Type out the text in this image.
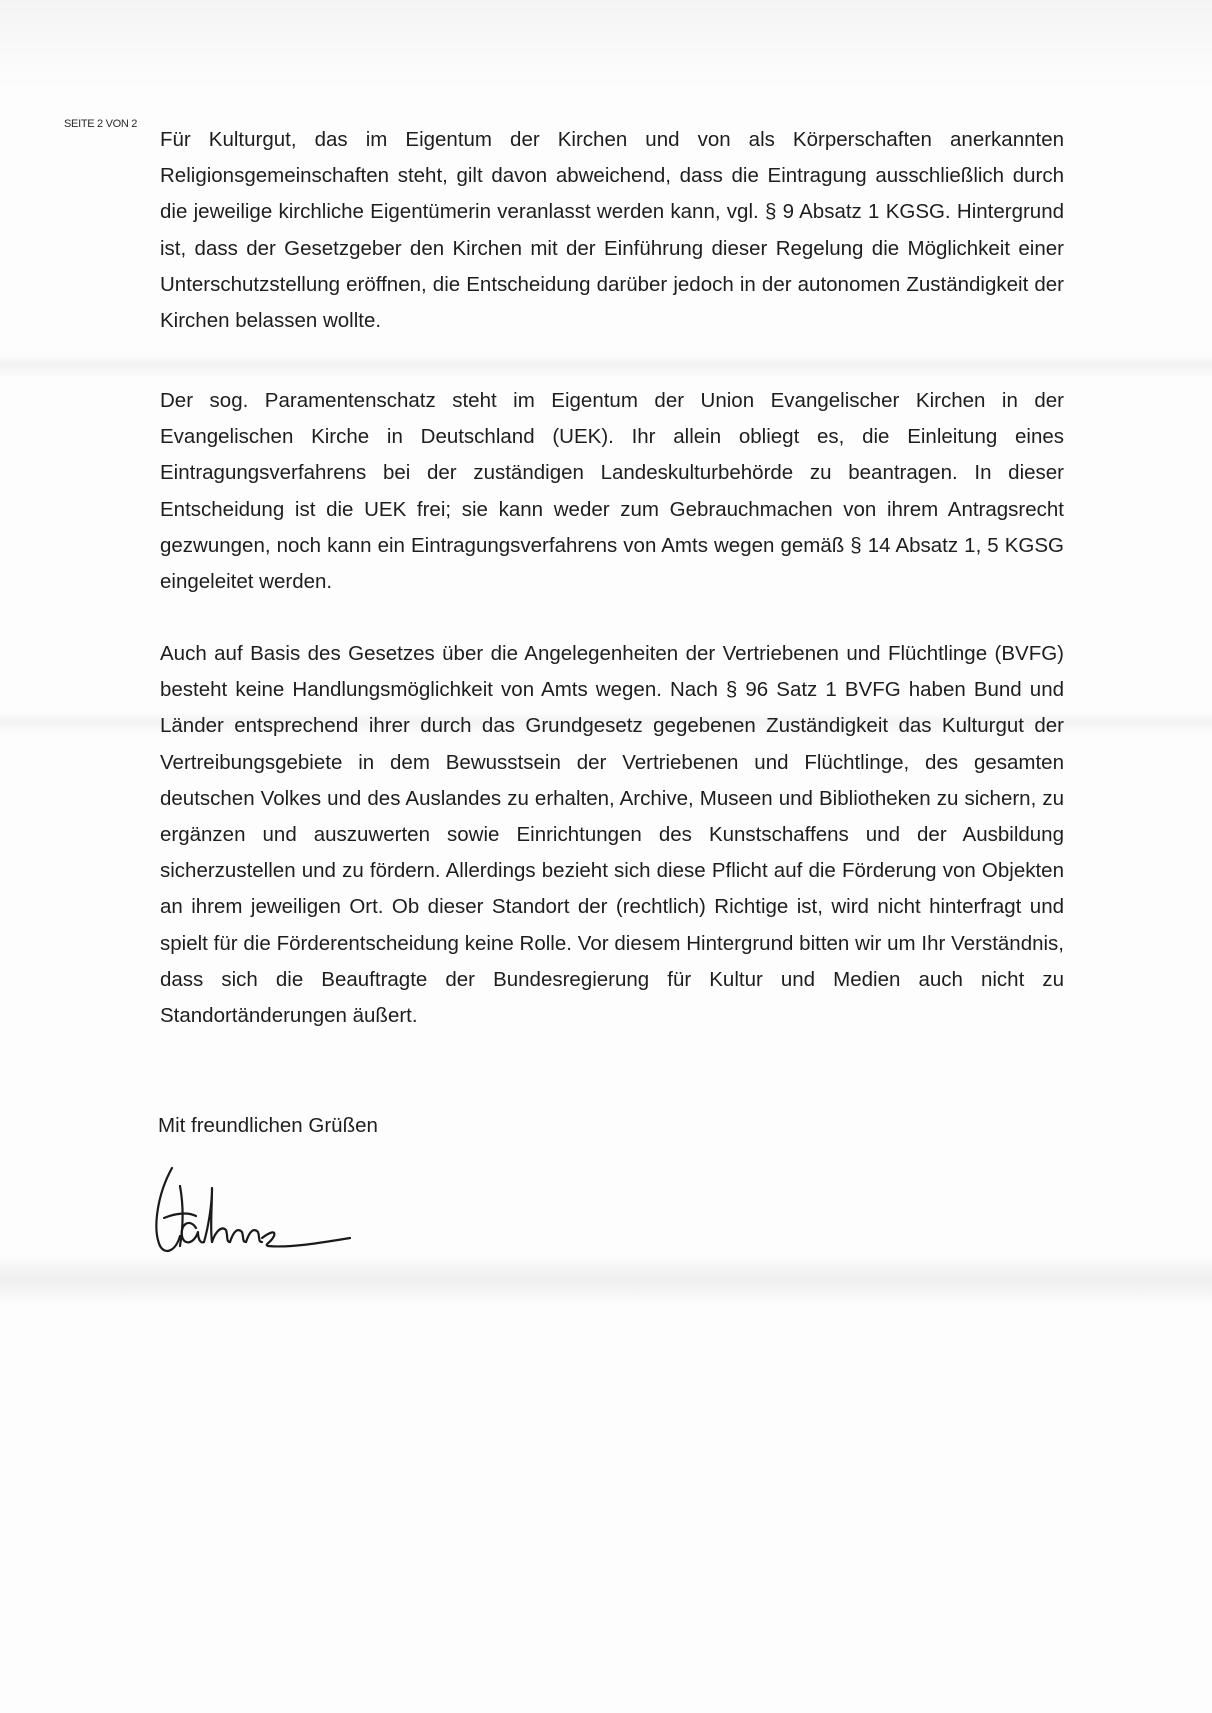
SEITE 2 VON 2

Für Kulturgut, das im Eigentum der Kirchen und von als Körperschaften anerkannten Religionsgemeinschaften steht, gilt davon abweichend, dass die Eintragung ausschließlich durch die jeweilige kirchliche Eigentümerin veranlasst werden kann, vgl. § 9 Absatz 1 KGSG. Hintergrund ist, dass der Gesetzgeber den Kirchen mit der Einführung dieser Regelung die Möglichkeit einer Unterschutzstellung eröffnen, die Entscheidung darüber jedoch in der autonomen Zuständigkeit der Kirchen belassen wollte.

Der sog. Paramentenschatz steht im Eigentum der Union Evangelischer Kirchen in der Evangelischen Kirche in Deutschland (UEK). Ihr allein obliegt es, die Einleitung eines Eintragungsverfahrens bei der zuständigen Landeskulturbehörde zu beantragen. In dieser Entscheidung ist die UEK frei; sie kann weder zum Gebrauchmachen von ihrem Antragsrecht gezwungen, noch kann ein Eintragungsverfahrens von Amts wegen gemäß § 14 Absatz 1, 5 KGSG eingeleitet werden.

Auch auf Basis des Gesetzes über die Angelegenheiten der Vertriebenen und Flüchtlinge (BVFG) besteht keine Handlungsmöglichkeit von Amts wegen. Nach § 96 Satz 1 BVFG haben Bund und Länder entsprechend ihrer durch das Grundgesetz gegebenen Zuständigkeit das Kulturgut der Vertreibungsgebiete in dem Bewusstsein der Vertriebenen und Flüchtlinge, des gesamten deutschen Volkes und des Auslandes zu erhalten, Archive, Museen und Bibliotheken zu sichern, zu ergänzen und auszuwerten sowie Einrichtungen des Kunstschaffens und der Ausbildung sicherzustellen und zu fördern. Allerdings bezieht sich diese Pflicht auf die Förderung von Objekten an ihrem jeweiligen Ort. Ob dieser Standort der (rechtlich) Richtige ist, wird nicht hinterfragt und spielt für die Förderentscheidung keine Rolle. Vor diesem Hintergrund bitten wir um Ihr Verständnis, dass sich die Beauftragte der Bundesregierung für Kultur und Medien auch nicht zu Standortänderungen äußert.

Mit freundlichen Grüßen
